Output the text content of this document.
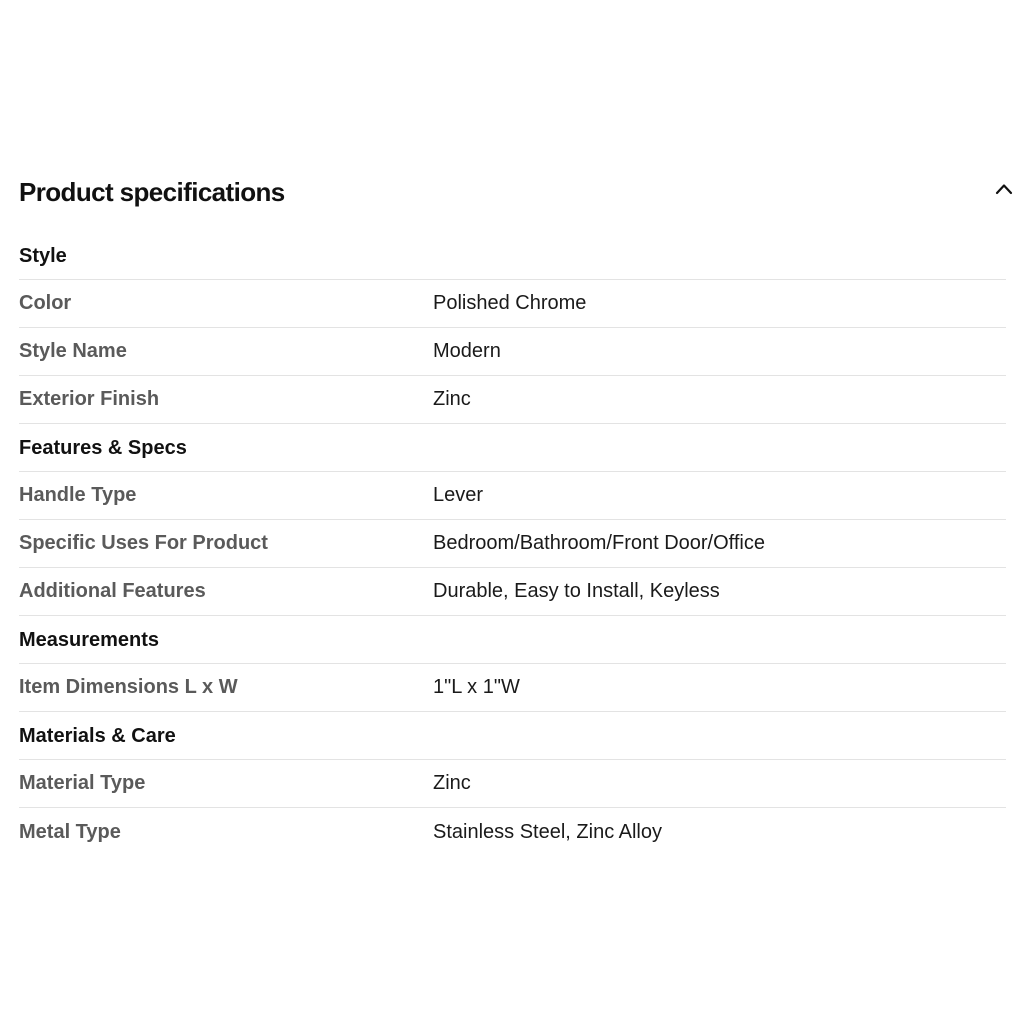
Product specifications
Style
Color	Polished Chrome
Style Name	Modern
Exterior Finish	Zinc
Features & Specs
Handle Type	Lever
Specific Uses For Product	Bedroom/Bathroom/Front Door/Office
Additional Features	Durable, Easy to Install, Keyless
Measurements
Item Dimensions L x W	1"L x 1"W
Materials & Care
Material Type	Zinc
Metal Type	Stainless Steel, Zinc Alloy
